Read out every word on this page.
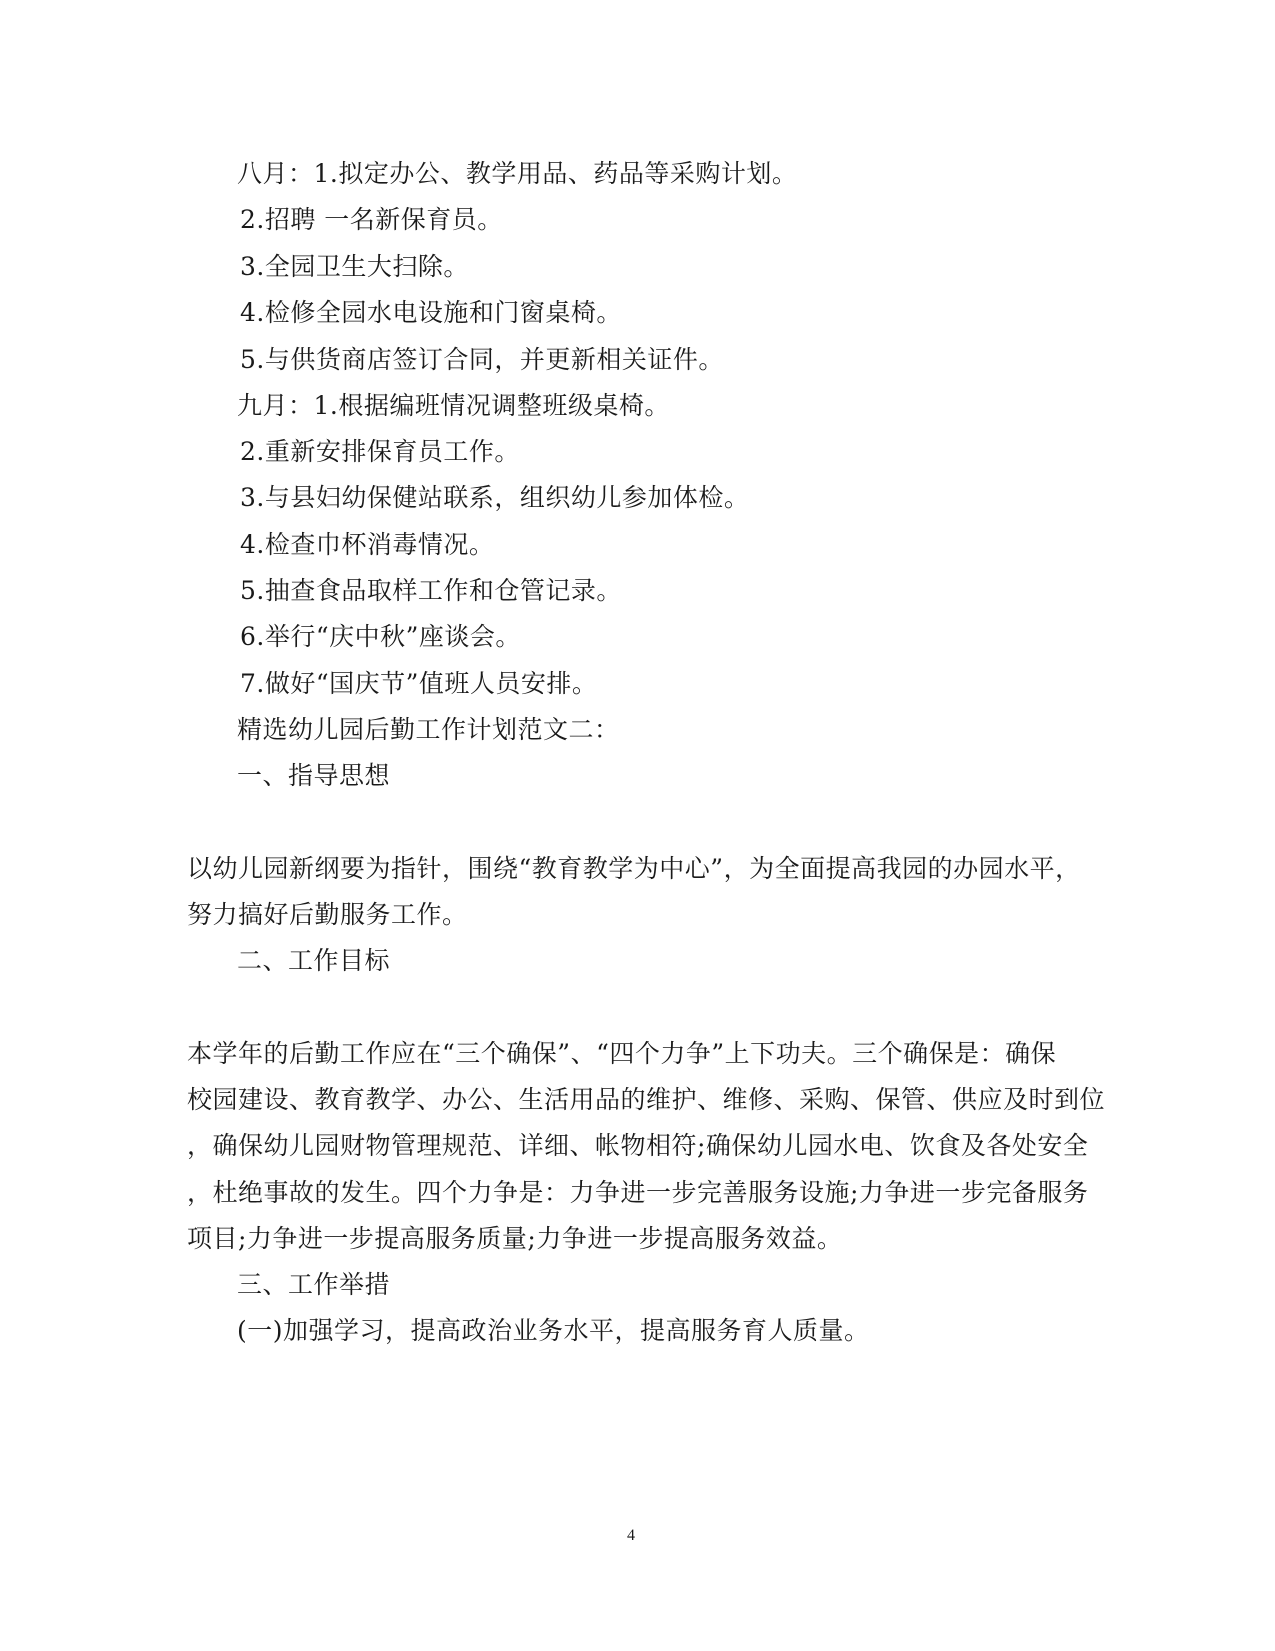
八月：1.拟定办公、教学用品、药品等采购计划。
2.招聘 一名新保育员。
3.全园卫生大扫除。
4.检修全园水电设施和门窗桌椅。
5.与供货商店签订合同，并更新相关证件。
九月：1.根据编班情况调整班级桌椅。
2.重新安排保育员工作。
3.与县妇幼保健站联系，组织幼儿参加体检。
4.检查巾杯消毒情况。
5.抽查食品取样工作和仓管记录。
6.举行“庆中秋”座谈会。
7.做好“国庆节”值班人员安排。
精选幼儿园后勤工作计划范文二：
一、指导思想
以幼儿园新纲要为指针，围绕“教育教学为中心”，为全面提高我园的办园水平，
努力搞好后勤服务工作。
二、工作目标
本学年的后勤工作应在“三个确保”、“四个力争”上下功夫。三个确保是：确保
校园建设、教育教学、办公、生活用品的维护、维修、采购、保管、供应及时到位
，确保幼儿园财物管理规范、详细、帐物相符;确保幼儿园水电、饮食及各处安全
，杜绝事故的发生。四个力争是：力争进一步完善服务设施;力争进一步完备服务
项目;力争进一步提高服务质量;力争进一步提高服务效益。
三、工作举措
(一)加强学习，提高政治业务水平，提高服务育人质量。
4
